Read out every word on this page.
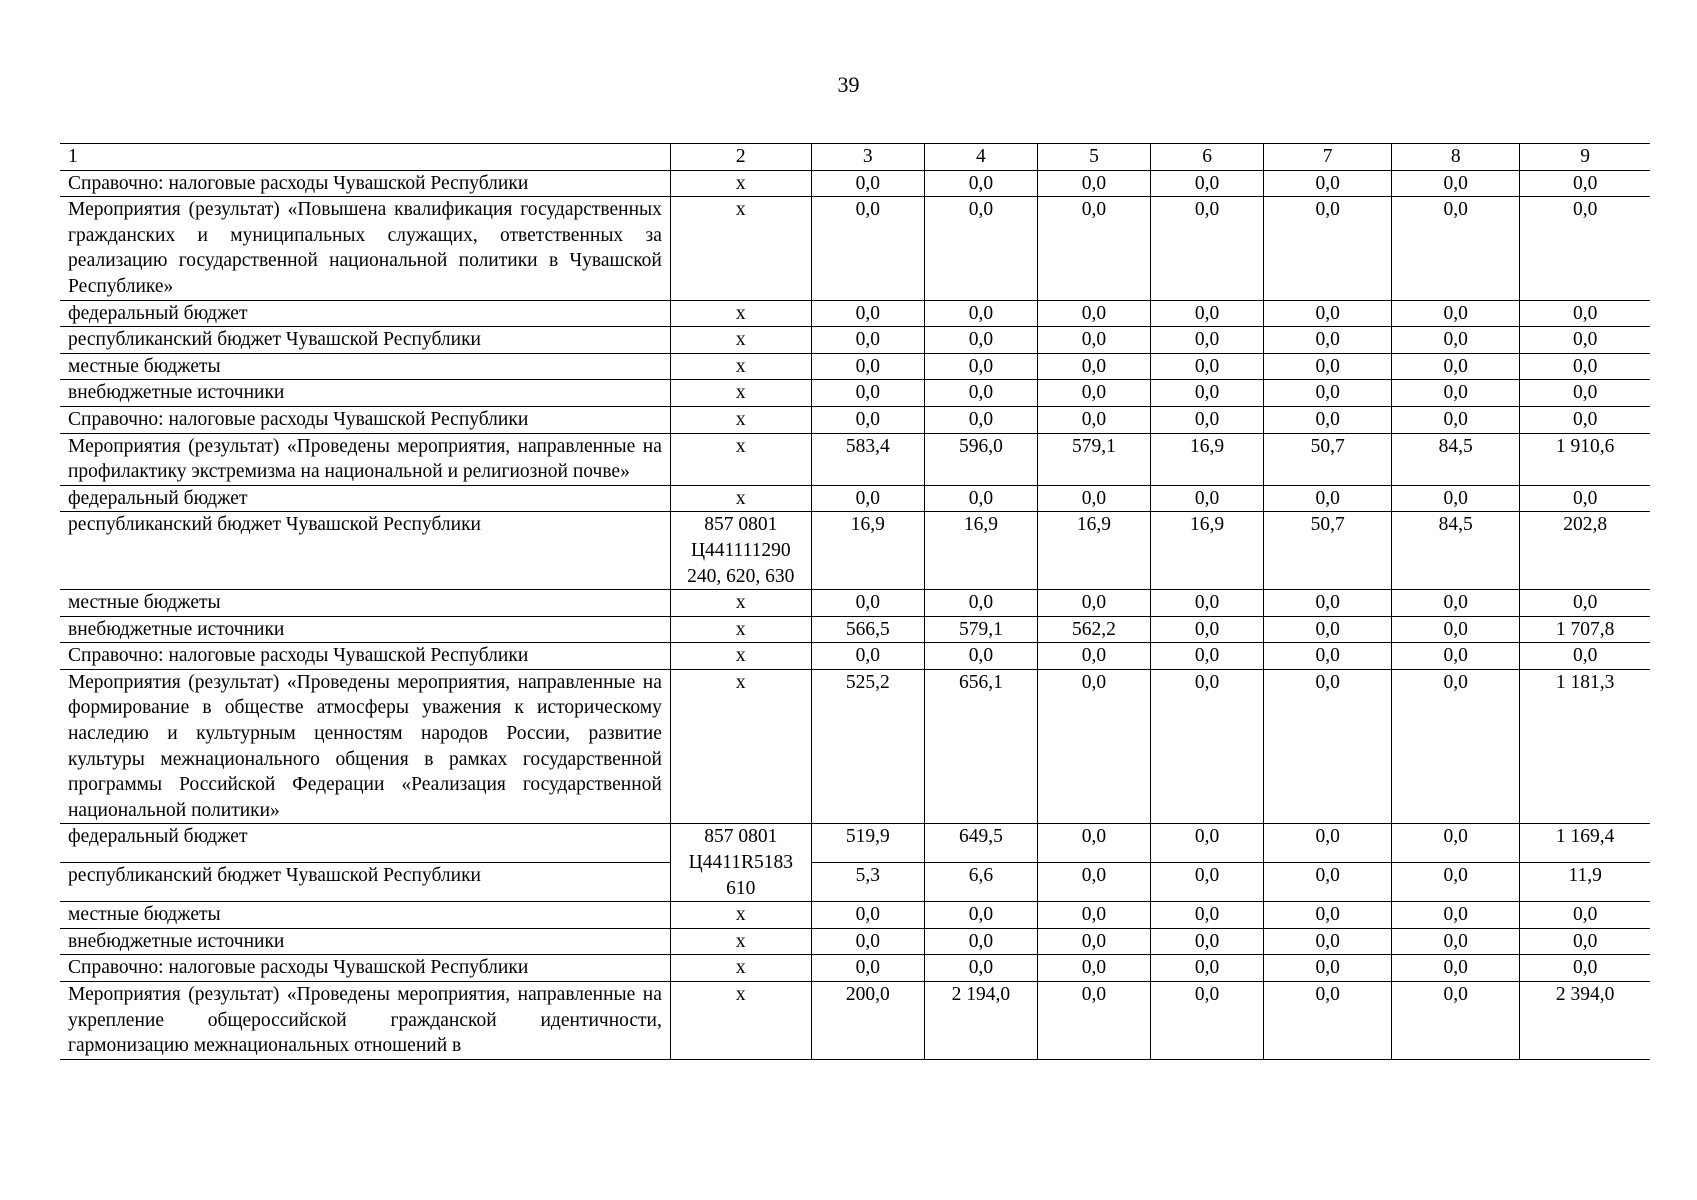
39
1	2	3	4	5	6	7	8	9
Справочно: налоговые расходы Чувашской Республики	x	0,0	0,0	0,0	0,0	0,0	0,0	0,0
Мероприятия (результат) «Повышена квалификация государственных гражданских и муниципальных служащих, ответственных за реализацию государственной национальной политики в Чувашской Республике»	x	0,0	0,0	0,0	0,0	0,0	0,0	0,0
федеральный бюджет	x	0,0	0,0	0,0	0,0	0,0	0,0	0,0
республиканский бюджет Чувашской Республики	x	0,0	0,0	0,0	0,0	0,0	0,0	0,0
местные бюджеты	x	0,0	0,0	0,0	0,0	0,0	0,0	0,0
внебюджетные источники	x	0,0	0,0	0,0	0,0	0,0	0,0	0,0
Справочно: налоговые расходы Чувашской Республики	x	0,0	0,0	0,0	0,0	0,0	0,0	0,0
Мероприятия (результат) «Проведены мероприятия, направленные на профилактику экстремизма на национальной и религиозной почве»	x	583,4	596,0	579,1	16,9	50,7	84,5	1 910,6
федеральный бюджет	x	0,0	0,0	0,0	0,0	0,0	0,0	0,0
республиканский бюджет Чувашской Республики	857 0801 Ц441111290 240, 620, 630	16,9	16,9	16,9	16,9	50,7	84,5	202,8
местные бюджеты	x	0,0	0,0	0,0	0,0	0,0	0,0	0,0
внебюджетные источники	x	566,5	579,1	562,2	0,0	0,0	0,0	1 707,8
Справочно: налоговые расходы Чувашской Республики	x	0,0	0,0	0,0	0,0	0,0	0,0	0,0
Мероприятия (результат) «Проведены мероприятия, направленные на формирование в обществе атмосферы уважения к историческому наследию и культурным ценностям народов России, развитие культуры межнационального общения в рамках государственной программы Российской Федерации «Реализация государственной национальной политики»	x	525,2	656,1	0,0	0,0	0,0	0,0	1 181,3
федеральный бюджет	857 0801 Ц4411R5183 610	519,9	649,5	0,0	0,0	0,0	0,0	1 169,4
республиканский бюджет Чувашской Республики		5,3	6,6	0,0	0,0	0,0	0,0	11,9
местные бюджеты	x	0,0	0,0	0,0	0,0	0,0	0,0	0,0
внебюджетные источники	x	0,0	0,0	0,0	0,0	0,0	0,0	0,0
Справочно: налоговые расходы Чувашской Республики	x	0,0	0,0	0,0	0,0	0,0	0,0	0,0
Мероприятия (результат) «Проведены мероприятия, направленные на укрепление общероссийской гражданской идентичности, гармонизацию межнациональных отношений в	x	200,0	2 194,0	0,0	0,0	0,0	0,0	2 394,0
